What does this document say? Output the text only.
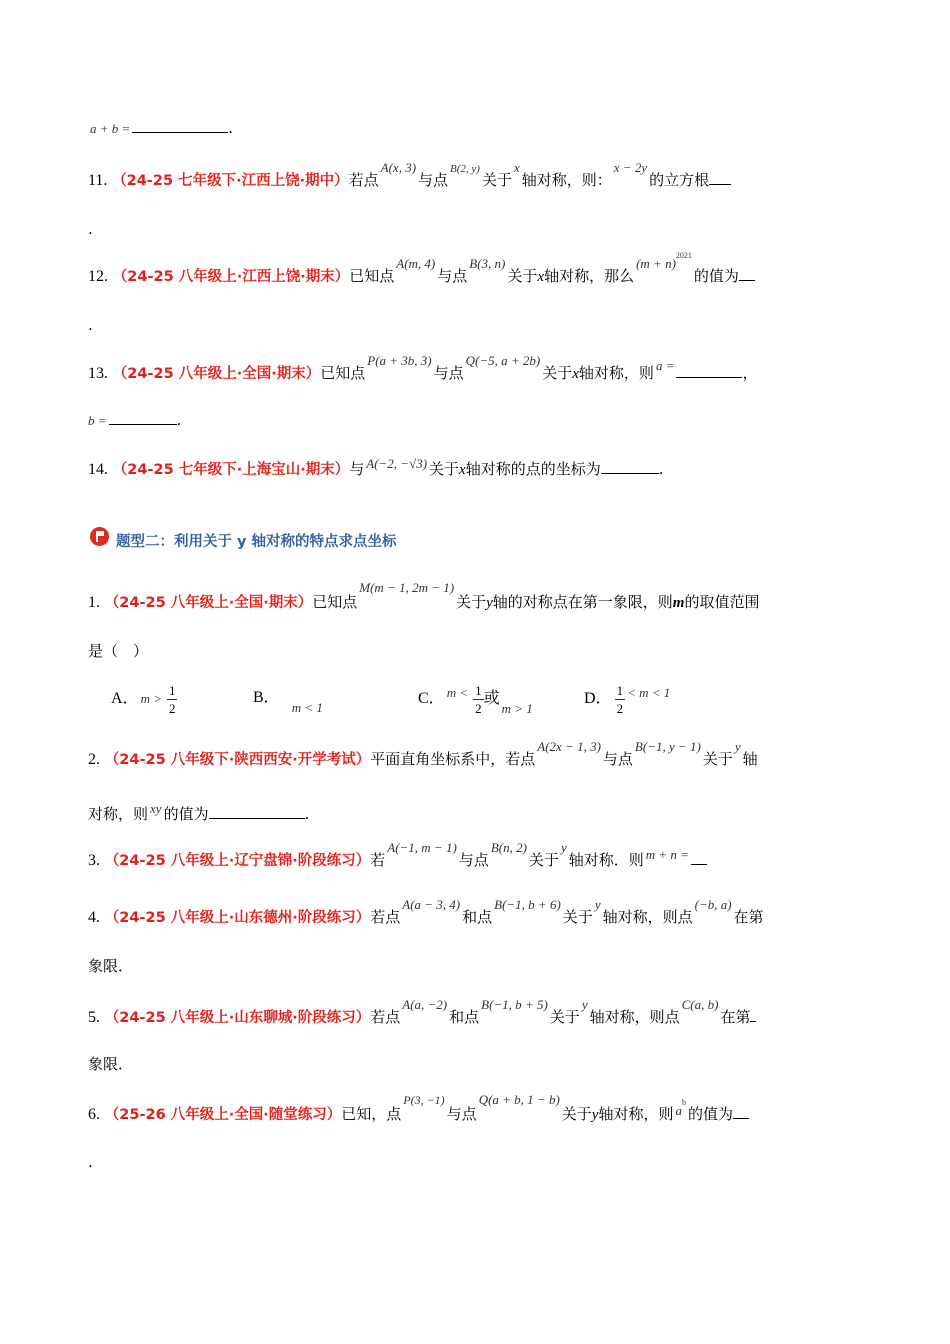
a + b =	.
11. （24-25 七年级下·江西上饶·期中）若点A(x, 3)与点B(2, y)关于x轴对称，则：x − 2y的立方根
.
12. （24-25 八年级上·江西上饶·期末）已知点A(m, 4)与点B(3, n)关于x轴对称，那么$(m + n)^{2021}$的值为
.
13. （24-25 八年级上·全国·期末）已知点P(a + 3b, 3)与点Q(−5, a + 2b)关于x轴对称，则 a =	，
b =	.
14. （24-25 七年级下·上海宝山·期末）与 A(−2, −√3) 关于x轴对称的点的坐标为	.
题型二：利用关于 y 轴对称的特点求点坐标
1. （24-25 八年级上·全国·期末）已知点M(m − 1, 2m − 1)关于y轴的对称点在第一象限，则m的取值范围
是（　）
A． $m > \frac{1}{2}$	B．m < 1
C． $m < \frac{1}{2}$ 或m > 1
D． $\frac{1}{2} < m < 1$
2. （24-25 八年级下·陕西西安·开学考试）平面直角坐标系中，若点A(2x − 1, 3)与点B(−1, y − 1)关于y轴
对称，则 xy 的值为	.
3. （24-25 八年级上·辽宁盘锦·阶段练习）若A(−1, m − 1)与点B(n, 2)关于y轴对称．则 m + n =
4. （24-25 八年级上·山东德州·阶段练习）若点A(a − 3, 4)和点B(−1, b + 6)关于y轴对称，则点(−b, a)在第
象限．
5. （24-25 八年级上·山东聊城·阶段练习）若点A(a, −2)和点B(−1, b + 5)关于y轴对称，则点C(a, b)在第
象限．
6. （25-26 八年级上·全国·随堂练习）已知，点P(3, −1)与点Q(a + b, 1 − b)关于y轴对称，则 $a^b$的值为
.
